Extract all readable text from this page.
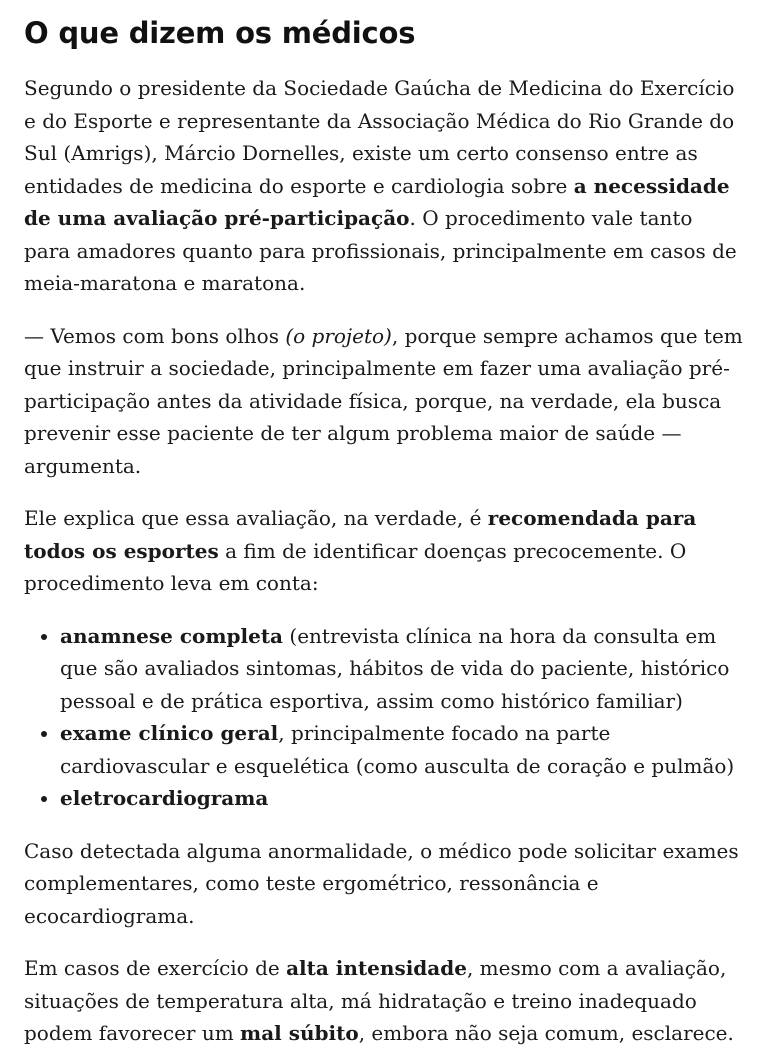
O que dizem os médicos

Segundo o presidente da Sociedade Gaúcha de Medicina do Exercício e do Esporte e representante da Associação Médica do Rio Grande do Sul (Amrigs), Márcio Dornelles, existe um certo consenso entre as entidades de medicina do esporte e cardiologia sobre a necessidade de uma avaliação pré-participação. O procedimento vale tanto para amadores quanto para profissionais, principalmente em casos de meia-maratona e maratona.

— Vemos com bons olhos (o projeto), porque sempre achamos que tem que instruir a sociedade, principalmente em fazer uma avaliação pré-participação antes da atividade física, porque, na verdade, ela busca prevenir esse paciente de ter algum problema maior de saúde — argumenta.

Ele explica que essa avaliação, na verdade, é recomendada para todos os esportes a fim de identificar doenças precocemente. O procedimento leva em conta:

• anamnese completa (entrevista clínica na hora da consulta em que são avaliados sintomas, hábitos de vida do paciente, histórico pessoal e de prática esportiva, assim como histórico familiar)
• exame clínico geral, principalmente focado na parte cardiovascular e esquelética (como ausculta de coração e pulmão)
• eletrocardiograma

Caso detectada alguma anormalidade, o médico pode solicitar exames complementares, como teste ergométrico, ressonância e ecocardiograma.

Em casos de exercício de alta intensidade, mesmo com a avaliação, situações de temperatura alta, má hidratação e treino inadequado podem favorecer um mal súbito, embora não seja comum, esclarece.
